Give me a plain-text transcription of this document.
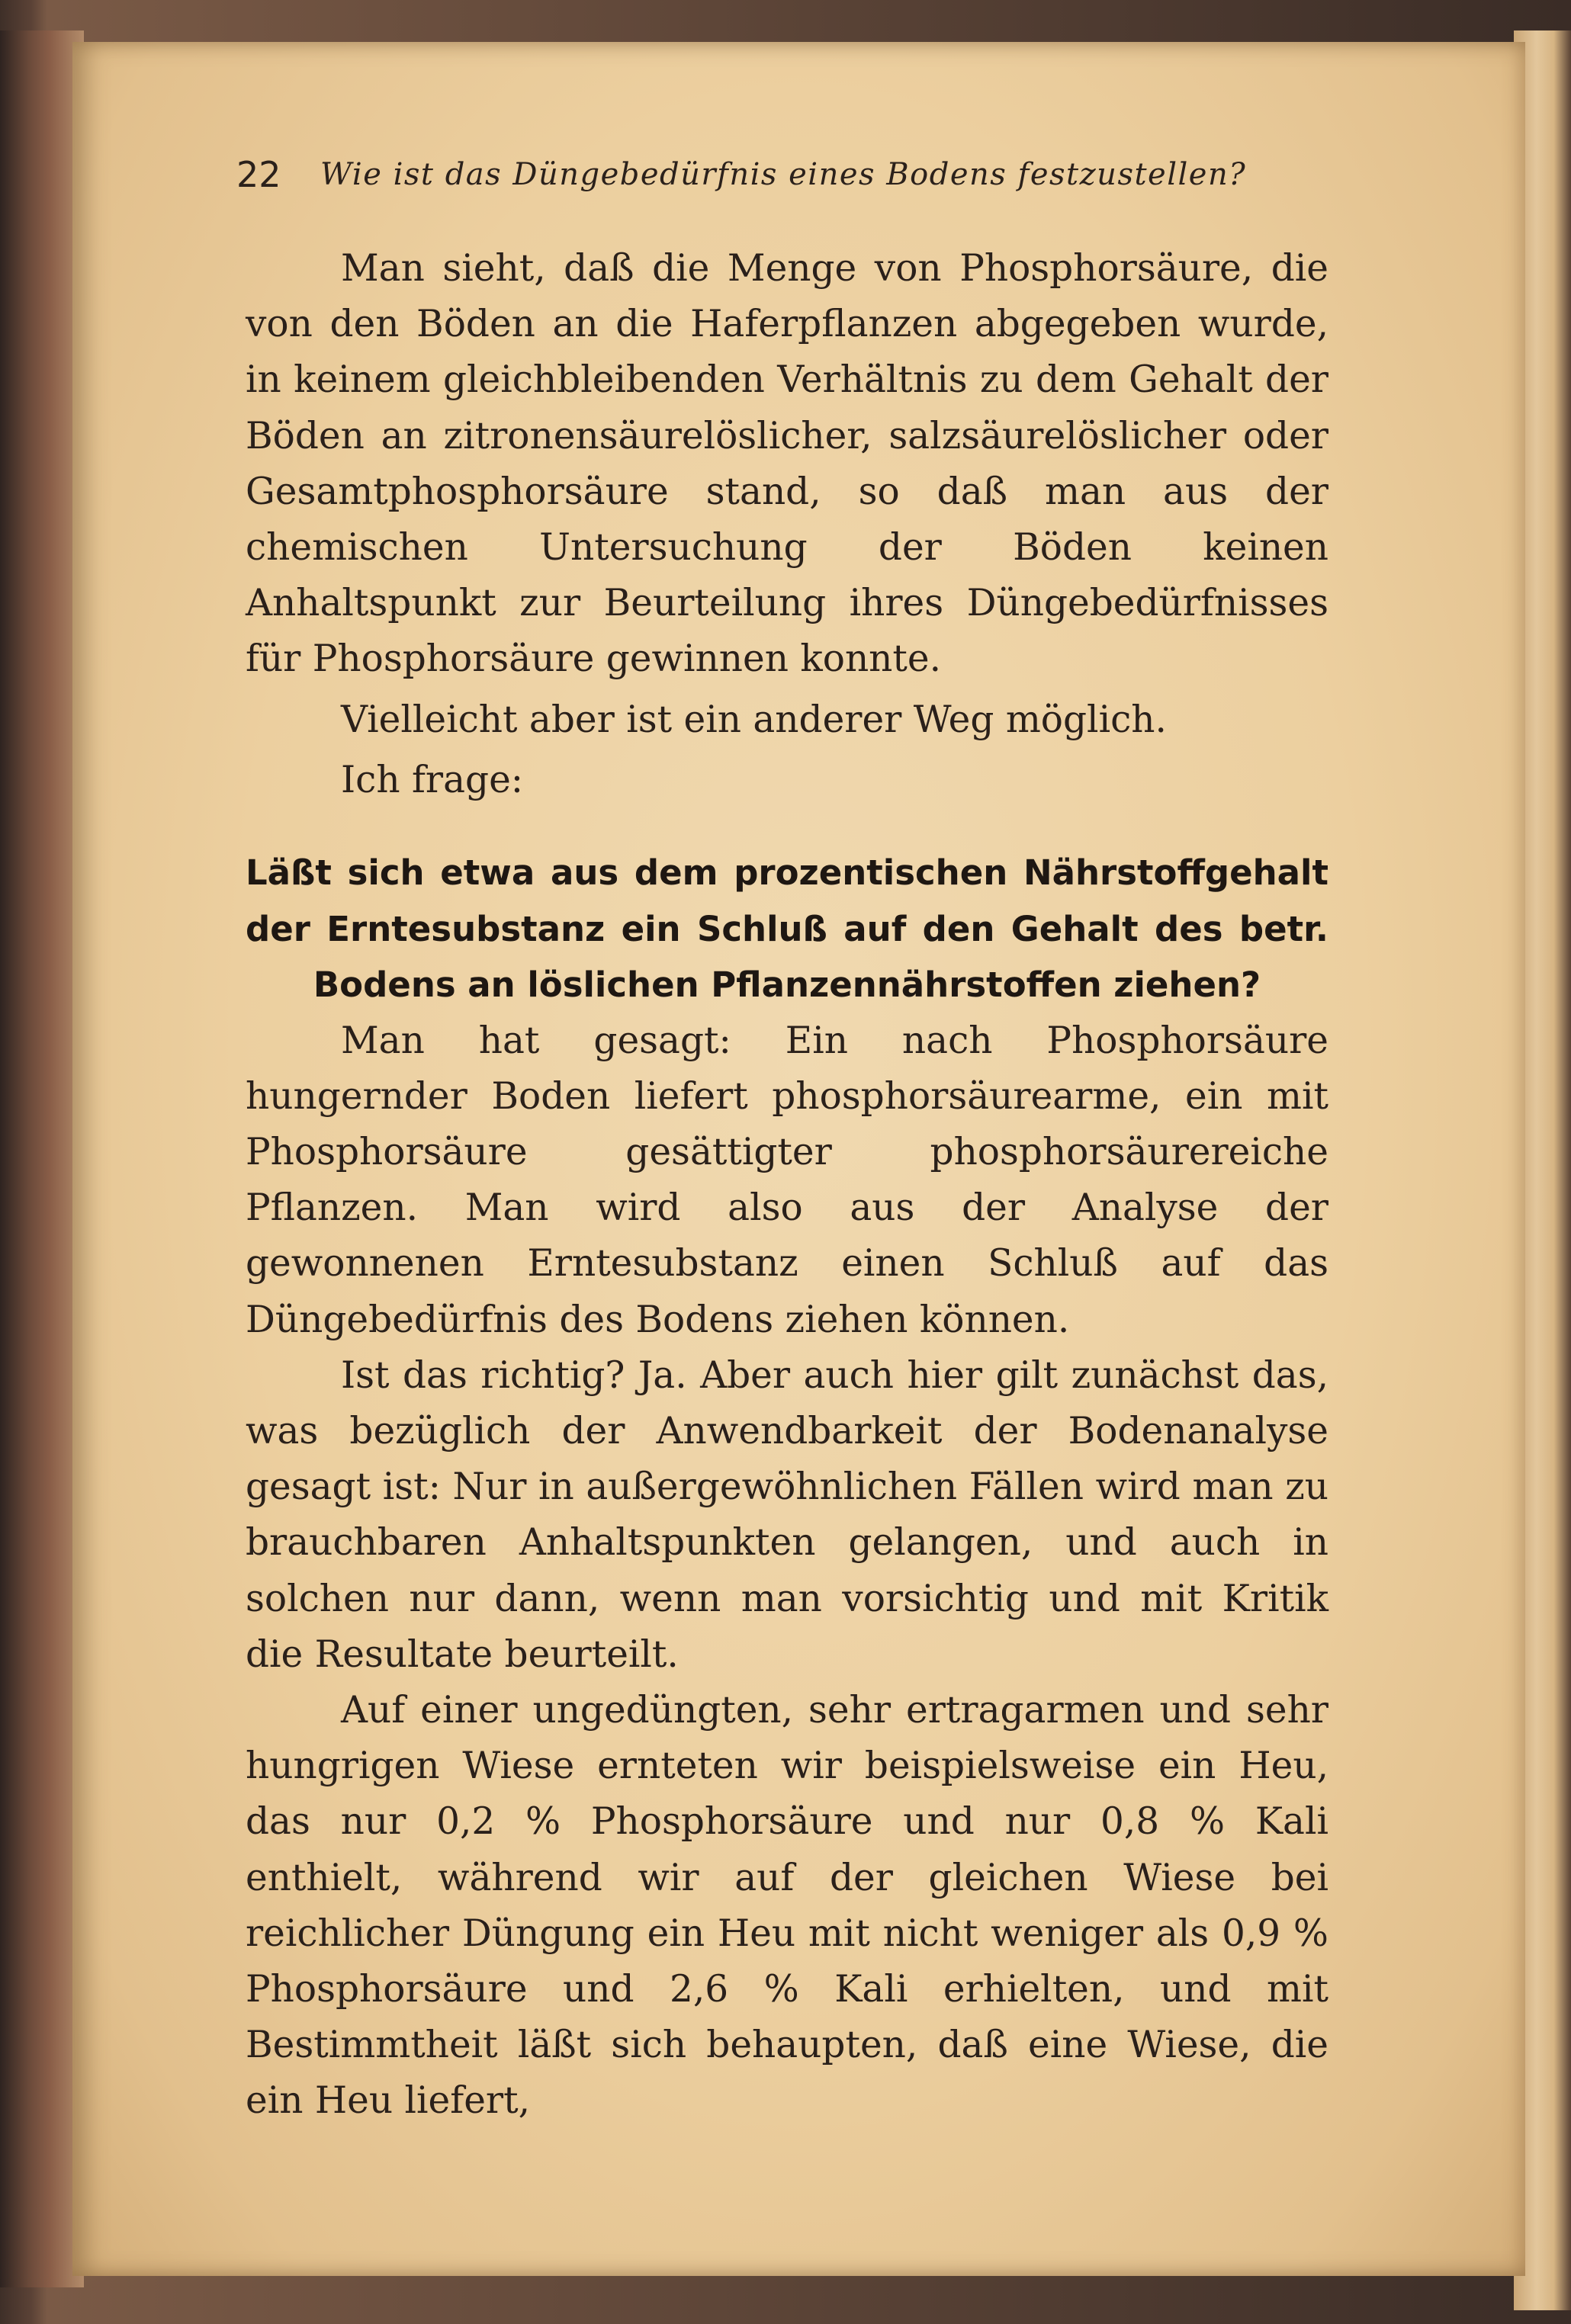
22 Wie ist das Düngebedürfnis eines Bodens festzustellen?

Man sieht, daß die Menge von Phosphorsäure, die von den Böden an die Haferpflanzen abgegeben wurde, in keinem gleichbleibenden Verhältnis zu dem Gehalt der Böden an zitronensäurelöslicher, salzsäurelöslicher oder Gesamtphosphorsäure stand, so daß man aus der chemischen Untersuchung der Böden keinen Anhaltspunkt zur Beurteilung ihres Düngebedürfnisses für Phosphorsäure gewinnen konnte.

Vielleicht aber ist ein anderer Weg möglich.

Ich frage:

Läßt sich etwa aus dem prozentischen Nährstoffgehalt der Erntesubstanz ein Schluß auf den Gehalt des betr. Bodens an löslichen Pflanzennährstoffen ziehen?

Man hat gesagt: Ein nach Phosphorsäure hungernder Boden liefert phosphorsäurearme, ein mit Phosphorsäure gesättigter phosphorsäurereiche Pflanzen. Man wird also aus der Analyse der gewonnenen Erntesubstanz einen Schluß auf das Düngebedürfnis des Bodens ziehen können.

Ist das richtig? Ja. Aber auch hier gilt zunächst das, was bezüglich der Anwendbarkeit der Bodenanalyse gesagt ist: Nur in außergewöhnlichen Fällen wird man zu brauchbaren Anhaltspunkten gelangen, und auch in solchen nur dann, wenn man vorsichtig und mit Kritik die Resultate beurteilt.

Auf einer ungedüngten, sehr ertragarmen und sehr hungrigen Wiese ernteten wir beispielsweise ein Heu, das nur 0,2 % Phosphorsäure und nur 0,8 % Kali enthielt, während wir auf der gleichen Wiese bei reichlicher Düngung ein Heu mit nicht weniger als 0,9 % Phosphorsäure und 2,6 % Kali erhielten, und mit Bestimmtheit läßt sich behaupten, daß eine Wiese, die ein Heu liefert,
